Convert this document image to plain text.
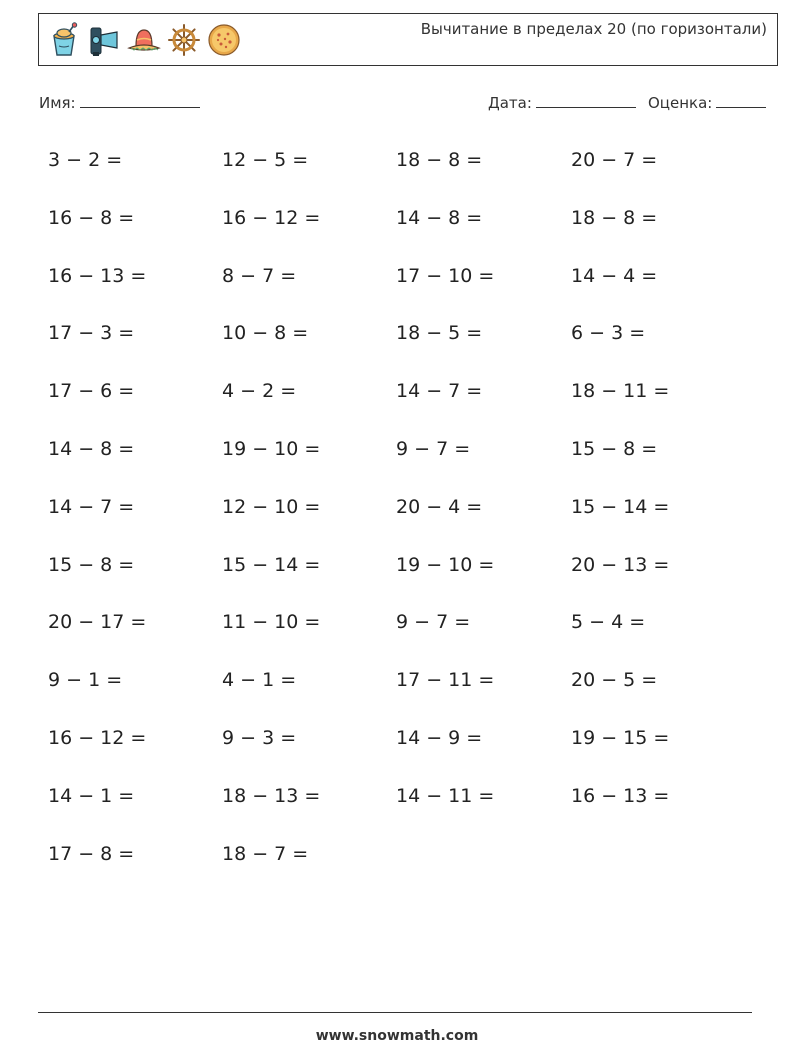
Вычитание в пределах 20 (по горизонтали)
Имя:	Дата:	Оценка:
3 − 2 =	12 − 5 =	18 − 8 =	20 − 7 =
16 − 8 =	16 − 12 =	14 − 8 =	18 − 8 =
16 − 13 =	8 − 7 =	17 − 10 =	14 − 4 =
17 − 3 =	10 − 8 =	18 − 5 =	6 − 3 =
17 − 6 =	4 − 2 =	14 − 7 =	18 − 11 =
14 − 8 =	19 − 10 =	9 − 7 =	15 − 8 =
14 − 7 =	12 − 10 =	20 − 4 =	15 − 14 =
15 − 8 =	15 − 14 =	19 − 10 =	20 − 13 =
20 − 17 =	11 − 10 =	9 − 7 =	5 − 4 =
9 − 1 =	4 − 1 =	17 − 11 =	20 − 5 =
16 − 12 =	9 − 3 =	14 − 9 =	19 − 15 =
14 − 1 =	18 − 13 =	14 − 11 =	16 − 13 =
17 − 8 =	18 − 7 =
www.snowmath.com
